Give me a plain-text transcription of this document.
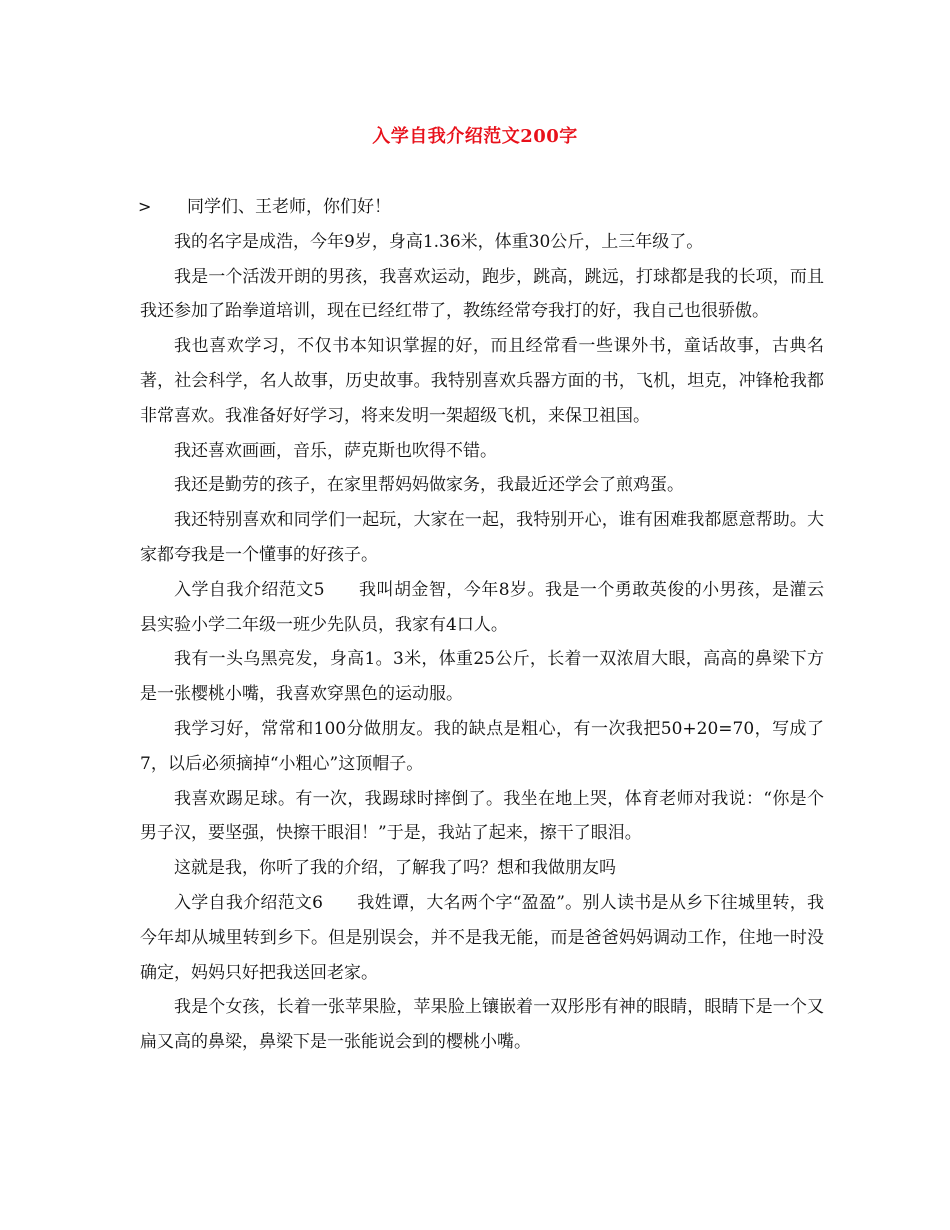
入学自我介绍范文200字

> 同学们、王老师，你们好！

我的名字是成浩，今年9岁，身高1.36米，体重30公斤，上三年级了。

我是一个活泼开朗的男孩，我喜欢运动，跑步，跳高，跳远，打球都是我的长项，而且我还参加了跆拳道培训，现在已经红带了，教练经常夸我打的好，我自己也很骄傲。

我也喜欢学习，不仅书本知识掌握的好，而且经常看一些课外书，童话故事，古典名著，社会科学，名人故事，历史故事。我特别喜欢兵器方面的书，飞机，坦克，冲锋枪我都非常喜欢。我准备好好学习，将来发明一架超级飞机，来保卫祖国。

我还喜欢画画，音乐，萨克斯也吹得不错。

我还是勤劳的孩子，在家里帮妈妈做家务，我最近还学会了煎鸡蛋。

我还特别喜欢和同学们一起玩，大家在一起，我特别开心，谁有困难我都愿意帮助。大家都夸我是一个懂事的好孩子。

入学自我介绍范文5 我叫胡金智，今年8岁。我是一个勇敢英俊的小男孩，是灌云县实验小学二年级一班少先队员，我家有4口人。

我有一头乌黑亮发，身高1。3米，体重25公斤，长着一双浓眉大眼，高高的鼻梁下方是一张樱桃小嘴，我喜欢穿黑色的运动服。

我学习好，常常和100分做朋友。我的缺点是粗心，有一次我把50+20=70，写成了7，以后必须摘掉“小粗心”这顶帽子。

我喜欢踢足球。有一次，我踢球时摔倒了。我坐在地上哭，体育老师对我说：“你是个男子汉，要坚强，快擦干眼泪！”于是，我站了起来，擦干了眼泪。

这就是我，你听了我的介绍，了解我了吗？想和我做朋友吗

入学自我介绍范文6 我姓谭，大名两个字“盈盈”。别人读书是从乡下往城里转，我今年却从城里转到乡下。但是别误会，并不是我无能，而是爸爸妈妈调动工作，住地一时没确定，妈妈只好把我送回老家。

我是个女孩，长着一张苹果脸，苹果脸上镶嵌着一双彤彤有神的眼睛，眼睛下是一个又扁又高的鼻梁，鼻梁下是一张能说会到的樱桃小嘴。
